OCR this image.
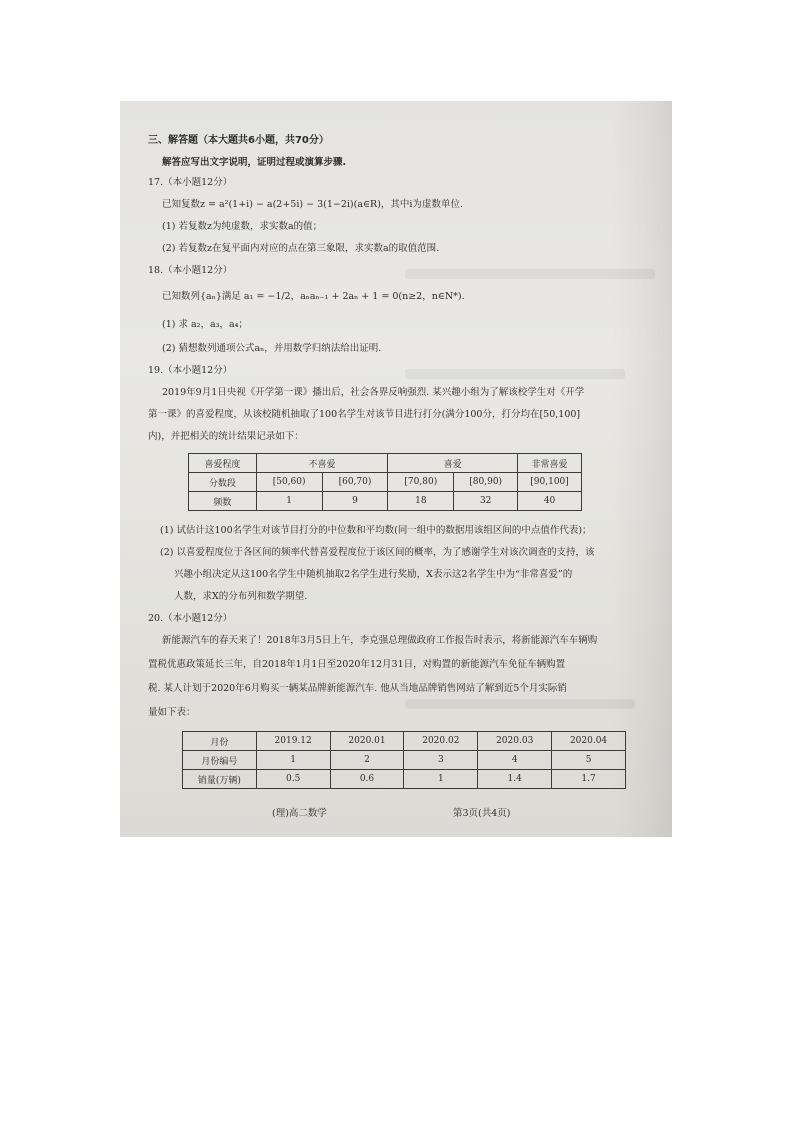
三、解答题（本大题共6小题，共70分）
解答应写出文字说明，证明过程或演算步骤.
17.（本小题12分）
已知复数z = a²(1+i) − a(2+5i) − 3(1−2i)(a∈R)，其中i为虚数单位.
(1) 若复数z为纯虚数，求实数a的值；
(2) 若复数z在复平面内对应的点在第三象限，求实数a的取值范围.
18.（本小题12分）
已知数列{aₙ}满足 a₁ = −1/2，aₙaₙ₋₁ + 2aₙ + 1 = 0(n≥2，n∈N*).
(1) 求 a₂，a₃，a₄；
(2) 猜想数列通项公式aₙ，并用数学归纳法给出证明.
19.（本小题12分）
2019年9月1日央视《开学第一课》播出后，社会各界反响强烈. 某兴趣小组为了解该校学生对《开学
第一课》的喜爱程度，从该校随机抽取了100名学生对该节目进行打分(满分100分，打分均在[50,100]
内)，并把相关的统计结果记录如下：
喜爱程度	不喜爱		喜爱		非常喜爱
分数段	[50,60)	[60,70)	[70,80)	[80,90)	[90,100]
频数	1	9	18	32	40
(1) 试估计这100名学生对该节目打分的中位数和平均数(同一组中的数据用该组区间的中点值作代表)；
(2) 以喜爱程度位于各区间的频率代替喜爱程度位于该区间的概率，为了感谢学生对该次调查的支持，该
兴趣小组决定从这100名学生中随机抽取2名学生进行奖励，X表示这2名学生中为“非常喜爱”的
人数，求X的分布列和数学期望.
20.（本小题12分）
新能源汽车的春天来了！2018年3月5日上午，李克强总理做政府工作报告时表示，将新能源汽车车辆购
置税优惠政策延长三年，自2018年1月1日至2020年12月31日，对购置的新能源汽车免征车辆购置
税. 某人计划于2020年6月购买一辆某品牌新能源汽车. 他从当地品牌销售网站了解到近5个月实际销
量如下表：
月份	2019.12	2020.01	2020.02	2020.03	2020.04
月份编号	1	2	3	4	5
销量(万辆)	0.5	0.6	1	1.4	1.7
(理)高二数学	第3页(共4页)
